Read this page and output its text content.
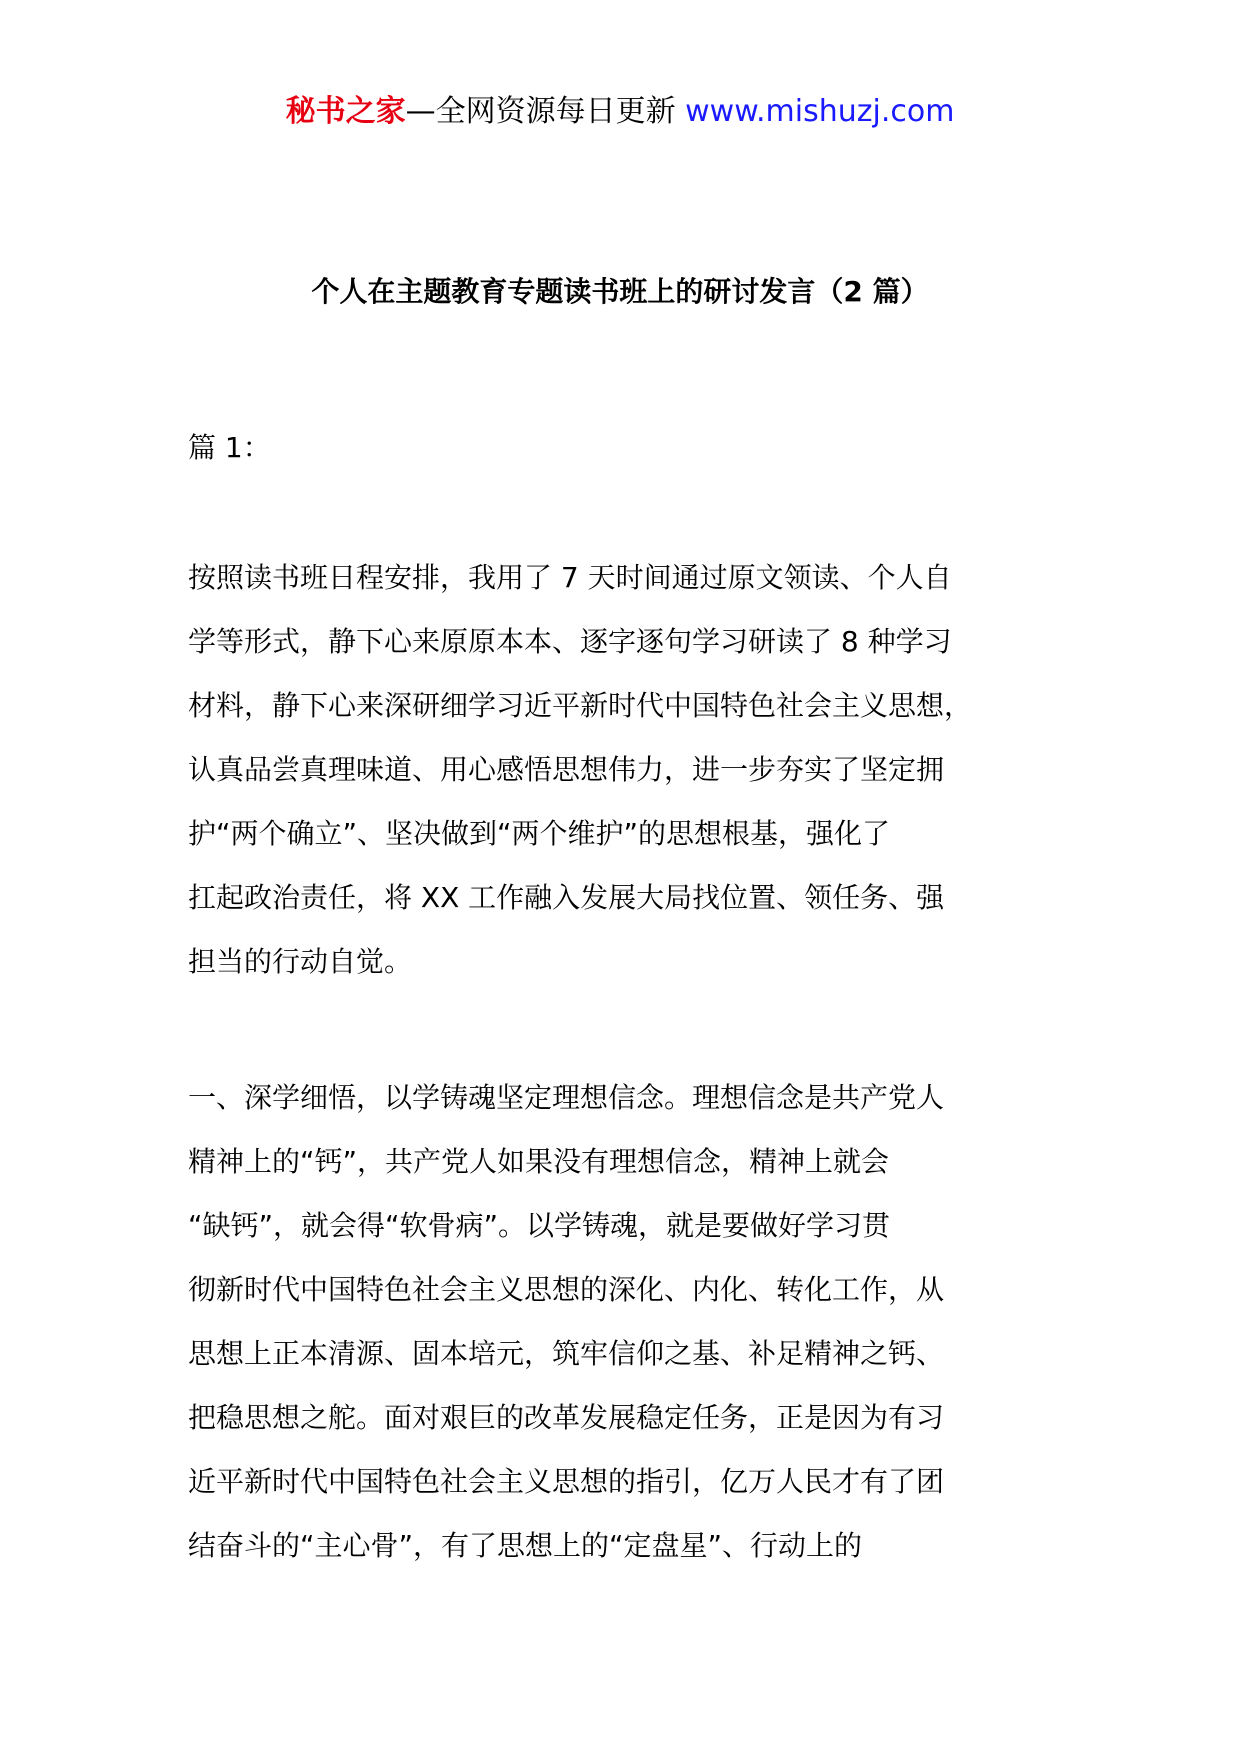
秘书之家—全网资源每日更新 www.mishuzj.com
个人在主题教育专题读书班上的研讨发言（2 篇）
篇 1：
按照读书班日程安排，我用了 7 天时间通过原文领读、个人自
学等形式，静下心来原原本本、逐字逐句学习研读了 8 种学习
材料，静下心来深研细学习近平新时代中国特色社会主义思想，
认真品尝真理味道、用心感悟思想伟力，进一步夯实了坚定拥
护“两个确立”、坚决做到“两个维护”的思想根基，强化了
扛起政治责任，将 XX 工作融入发展大局找位置、领任务、强
担当的行动自觉。
一、深学细悟，以学铸魂坚定理想信念。理想信念是共产党人
精神上的“钙”，共产党人如果没有理想信念，精神上就会
“缺钙”，就会得“软骨病”。以学铸魂，就是要做好学习贯
彻新时代中国特色社会主义思想的深化、内化、转化工作，从
思想上正本清源、固本培元，筑牢信仰之基、补足精神之钙、
把稳思想之舵。面对艰巨的改革发展稳定任务，正是因为有习
近平新时代中国特色社会主义思想的指引，亿万人民才有了团
结奋斗的“主心骨”，有了思想上的“定盘星”、行动上的
